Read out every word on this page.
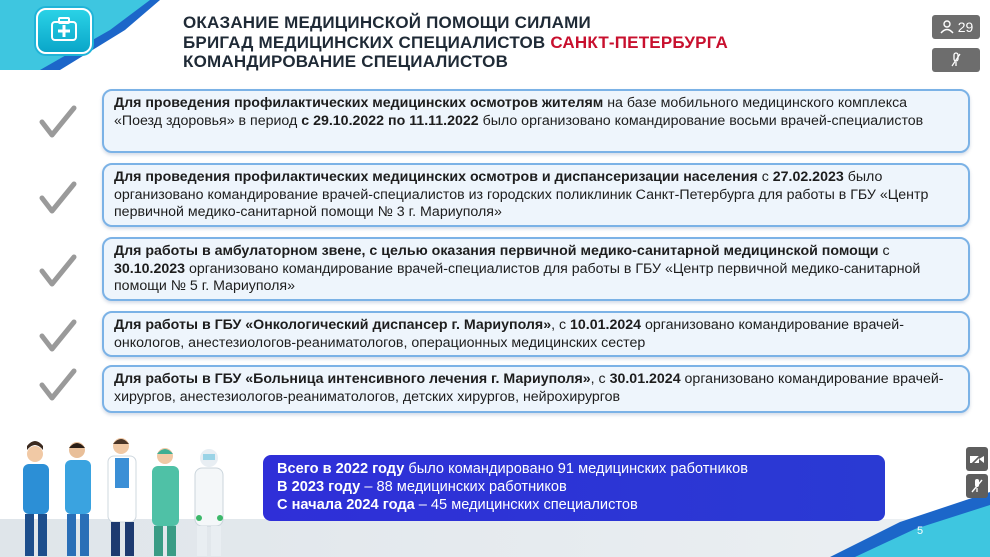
ОКАЗАНИЕ МЕДИЦИНСКОЙ ПОМОЩИ СИЛАМИ
БРИГАД МЕДИЦИНСКИХ СПЕЦИАЛИСТОВ САНКТ-ПЕТЕРБУРГА
КОМАНДИРОВАНИЕ СПЕЦИАЛИСТОВ
29
Для проведения профилактических медицинских осмотров жителям на базе мобильного медицинского комплекса «Поезд здоровья» в период с 29.10.2022 по 11.11.2022 было организовано командирование восьми врачей-специалистов
Для проведения профилактических медицинских осмотров и диспансеризации населения с 27.02.2023 было организовано командирование врачей-специалистов из городских поликлиник Санкт-Петербурга для работы в ГБУ «Центр первичной медико-санитарной помощи № 3 г. Мариуполя»
Для работы в амбулаторном звене, с целью оказания первичной медико-санитарной медицинской помощи с 30.10.2023 организовано командирование врачей-специалистов для работы в ГБУ «Центр первичной медико-санитарной помощи № 5 г. Мариуполя»
Для работы в ГБУ «Онкологический диспансер г. Мариуполя», с 10.01.2024 организовано командирование врачей-онкологов, анестезиологов-реаниматологов, операционных медицинских сестер
Для работы в ГБУ «Больница интенсивного лечения г. Мариуполя», с 30.01.2024 организовано командирование врачей-хирургов, анестезиологов-реаниматологов, детских хирургов, нейрохирургов
Всего в 2022 году было командировано 91 медицинских работников
В 2023 году – 88 медицинских работников
С начала 2024 года – 45 медицинских специалистов
5
